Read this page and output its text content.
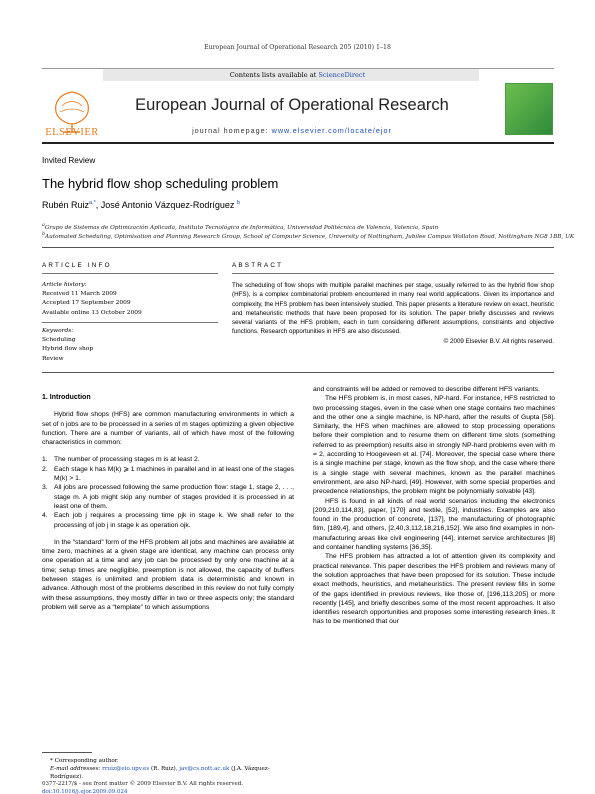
European Journal of Operational Research 205 (2010) 1–18
Contents lists available at ScienceDirect
ELSEVIER
European Journal of Operational Research
journal homepage: www.elsevier.com/locate/ejor
Invited Review
The hybrid flow shop scheduling problem
Rubén Ruiz$^{a,*}$, José Antonio Vázquez-Rodríguez $^b$
$^a$Grupo de Sistemas de Optimización Aplicada, Instituto Tecnológico de Informática, Universidad Politécnica de Valencia, Valencia, Spain
$^b$Automated Scheduling, Optimisation and Planning Research Group, School of Computer Science, University of Nottingham, Jubilee Campus Wollaton Road, Nottingham NG8 1BB, UK
ARTICLE INFO	ABSTRACT
Article history:
Received 11 March 2009
Accepted 17 September 2009
Available online 13 October 2009
Keywords:
Scheduling
Hybrid flow shop
Review
The scheduling of flow shops with multiple parallel machines per stage, usually referred to as the hybrid flow shop (HFS), is a complex combinatorial problem encountered in many real world applications. Given its importance and complexity, the HFS problem has been intensively studied. This paper presents a literature review on exact, heuristic and metaheuristic methods that have been proposed for its solution. The paper briefly discusses and reviews several variants of the HFS problem, each in turn considering different assumptions, constraints and objective functions. Research opportunities in HFS are also discussed.
© 2009 Elsevier B.V. All rights reserved.
1. Introduction

Hybrid flow shops (HFS) are common manufacturing environments in which a set of n jobs are to be processed in a series of m stages optimizing a given objective function. There are a number of variants, all of which have most of the following characteristics in common:

1. The number of processing stages m is at least 2.
2. Each stage k has M(k) ⩾ 1 machines in parallel and in at least one of the stages M(k) > 1.
3. All jobs are processed following the same production flow: stage 1, stage 2, . . ., stage m. A job might skip any number of stages provided it is processed in at least one of them.
4. Each job j requires a processing time pjk in stage k. We shall refer to the processing of job j in stage k as operation ojk.

In the “standard” form of the HFS problem all jobs and machines are available at time zero, machines at a given stage are identical, any machine can process only one operation at a time and any job can be processed by only one machine at a time; setup times are negligible, preemption is not allowed, the capacity of buffers between stages is unlimited and problem data is deterministic and known in advance. Although most of the problems described in this review do not fully comply with these assumptions, they mostly differ in two or three aspects only; the standard problem will serve as a “template” to which assumptions

and constraints will be added or removed to describe different HFS variants.

The HFS problem is, in most cases, NP-hard. For instance, HFS restricted to two processing stages, even in the case when one stage contains two machines and the other one a single machine, is NP-hard, after the results of Gupta [58]. Similarly, the HFS when machines are allowed to stop processing operations before their completion and to resume them on different time slots (something referred to as preemption) results also in strongly NP-hard problems even with m = 2, according to Hoogeveen et al. [74]. Moreover, the special case where there is a single machine per stage, known as the flow shop, and the case where there is a single stage with several machines, known as the parallel machines environment, are also NP-hard, [49]. However, with some special properties and precedence relationships, the problem might be polynomially solvable [43].

HFS is found in all kinds of real world scenarios including the electronics [209,210,114,83], paper, [170] and textile, [52], industries. Examples are also found in the production of concrete, [137], the manufacturing of photographic film, [189,4], and others, [2,40,3,112,18,216,152]. We also find examples in non-manufacturing areas like civil engineering [44], internet service architectures [8] and container handling systems [36,35].

The HFS problem has attracted a lot of attention given its complexity and practical relevance. This paper describes the HFS problem and reviews many of the solution approaches that have been proposed for its solution. These include exact methods, heuristics, and metaheuristics. The present review fills in some of the gaps identified in previous reviews, like those of, [196,113,205] or more recently [145], and briefly describes some of the most recent approaches. It also identifies research opportunities and proposes some interesting research lines. It has to be mentioned that our

* Corresponding author.
E-mail addresses: rruiz@eio.upv.es (R. Ruiz), jav@cs.nott.ac.uk (J.A. Vázquez-Rodríguez).
0377-2217/$ - see front matter © 2009 Elsevier B.V. All rights reserved.
doi:10.1016/j.ejor.2009.09.024
